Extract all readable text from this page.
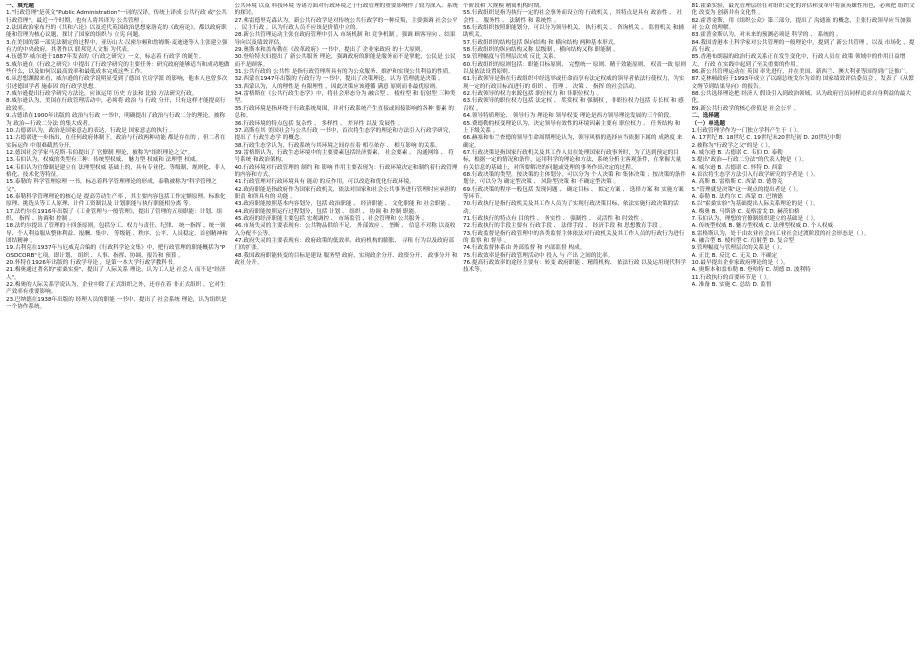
一、填充题

1."行政管理"是英文"Public Administration"一词的汉译，传统上译成 公共行政 或"公共行政管理"，最近一个时期，也有人将其译为 公共管理 。

2.法国政治家布丹的《共和六论》以及近代英国政治思想家洛克的《政府论》，都以政府职能和管理为核心议题，探讨了国家的组织与 立宪 问题。

3.在美国的第一部宪法制定的过程中，亚历山大·汉密尔顿和詹姆斯·麦迪逊等人主张建立强有力的中央政府，其著作以 联邦党人文集 为代表。

4.伍德罗·威尔逊于1887年发表的《行政之研究》一文，标志着 行政学 的诞生。

5.威尔逊在《行政之研究》中提出了行政学研究的主要任务：研究政府能够适当和成功地做些什么，以及如何以最高效率和最低成本完成这些工作。

6.从思想渊源来看，威尔逊的行政学说明显受到了德国 官房学派 的影响，他本人也曾多次引述德国学者 施泰因 的行政学思想。

7.威尔逊提出行政学研究方法论，应该运用 历史 方法和 比较 方法研究行政。

8.威尔逊认为，美国在行政管理活动中，必须将 政治 与 行政 分开，只有这样才能提高行政效率。

9.古德诺在1900年出版的 政治与行政 一书中，明确提出了政治与行政二分的理论，被称为 政治—行政二分法 的集大成者。

10.古德诺认为，政治是国家意志的表达，行政是 国家意志的执行 。

11.古德诺进一步指出，在任何政府体制下，政治与行政两种功能 都是存在的 ，但二者在 实际运作 中很难截然分开。

12.德国社会学家马克斯·韦伯提出了 官僚制 理论，被称为"组织理论之父"。

13.韦伯认为，权威的类型有三种：传统型权威、 魅力型 权威和 法理型 权威。

14.韦伯认为官僚制是建立在 法理型权威 基础上的，具有专业化、等级制、规则化、非人格化、技术化等特征。

15.泰勒的 科学管理原理 一书，标志着科学管理理论的形成，泰勒被称为"科学管理之父"。

16.泰勒科学管理理论的核心是 提高劳动生产率 ，其主要内容包括工作定额原理、标准化原理、挑选头等工人原理、计件工资制以及 计划职能与执行职能相分离 等。

17.法约尔在1916年出版了《工业管理与一般管理》，提出了管理的五项职能：计划、组织、 指挥 、协调和 控制 。

18.法约尔提出了管理的十四条原则，包括分工、权力与责任、纪律、 统一指挥 、统一领导、个人利益服从整体利益、报酬、集中、 等级链 、秩序、公平、人员稳定、首创精神和 团结精神 。

19.古利克在1937年与厄威克合编的《行政科学论文集》中，把行政管理的职能概括为"POSDCORB"七项，即计划、 组织 、人事、指挥、协调、报告和 预算 。

20.怀特在1926年出版的 行政学导论 ，是第一本大学行政学教科书。

21.梅奥通过著名的"霍桑实验"，提出了 人际关系 理论，认为工人是 社会人 而不是"经济人"。

22.梅奥的人际关系学说认为，企业中除了正式组织之外，还存在着 非正式组织 ，它对生产效率有重要影响。

23.巴纳德在1938年出版的 经理人员的职能 一书中，提出了 社会系统 理论，认为组织是一个协作系统。

公共环境 以及 科技环境 等诸方面对行政环境之于行政管理的重要影响作了较为深入、系统的探讨。

27.弗雷德里克森认为，新公共行政学是对传统公共行政学的一种反叛，主要强调 社会公平 、 民主行政 ，认为行政人员不应该是价值中立的。

28.新公共管理运动主张在政府管理中引入 市场机制 和 竞争机制 ，强调 顾客导向 、结果导向以及绩效评估。

29.奥斯本和盖布勒在《改革政府》一书中，提出了 企业家政府 的十大原则。

30.登哈特夫妇提出了 新公共服务 理论，强调政府的职能是服务而不是掌舵，公民是 公民 而不是顾客。

31.公共行政的 公共性 是指行政管理所具有的为公众服务、维护和实现公共利益的性质。

32.西蒙在1947年出版的 行政行为 一书中，提出了决策理论，认为 管理就是决策 。

33.西蒙认为，人的理性是 有限理性 ，因此决策应该遵循 满意 原则而非最优原则。

34.雷格斯在《公共行政生态学》中，将社会形态分为 融合型 、 棱柱型 和 衍射型 三种类型。

35.行政环境是指环绕于行政系统周围，并对行政系统产生直接或间接影响的各种 要素 的总和。

36.行政环境的特点包括 复杂性 、 多样性 、 差异性 以及 发展性 。

37.高斯在其 美国社会与公共行政 一书中，首次将生态学的理论和方法引入行政学研究，提出了 行政生态学 的概念。

38.行政生态学认为，行政系统与其环境之间存在着 相互依存 、 相互影响 的关系。

39.雷格斯认为，行政生态环境中的主要要素包括经济要素、 社会要素 、 沟通网络 、 符号系统 和政治架构。

40.行政环境对行政管理的 制约 和 影响 作用主要表现为：行政环境决定和制约着行政管理的内容和方式。

41.行政管理对行政环境具有 能动 的反作用，可以改造和优化行政环境。

42.政府职能是指政府作为国家行政机关，依法对国家和社会公共事务进行管理时应承担的 职责 和所具有的 功能 。

43.政府职能按照基本内容划分，包括 政治职能 、 经济职能 、 文化职能 和 社会职能 。

44.政府职能按照运行过程划分，包括 计划 、 组织 、 协调 和 控制 职能。

45.政府的经济职能主要包括 宏观调控 、 市场监管 、社会管理和 公共服务 。

46.市场失灵的主要表现有：公共物品供给不足、 外部效应 、 垄断 、 信息不对称 以及收入分配不公等。

47.政府失灵的主要表现有：政府政策的低效率、政府机构的膨胀、 寻租 行为以及政府部门的扩张。

48.我国政府职能转变的目标是建设 服务型 政府，实现政企分开、政资分开、 政事分开 和政社分开。

个阶段和 大规模 精简机构时期。

55.行政组织是指为执行一定的社会事务而设立的 行政机关 ，其特点是具有 政治性 、 社会性 、 服务性 、 法制性 和 系统性 。

56.行政组织按照职能划分，可以分为领导机关、 执行机关 、 咨询机关 、 监督机关 和辅助机关。

57.行政组织的结构包括 纵向结构 和 横向结构 两种基本形式。

58.行政组织的纵向结构又称 层级制 ，横向结构又称 职能制 。

59.管理幅度与管理层次成 反比 关系。

60.行政组织的原则包括：职能目标原则、 完整统一 原则、精干效能原则、 权责一致 原则以及依法设置原则。

61.行政领导是指在行政组织中经选举或任命而享有法定权威的领导者依法行使权力，为实现一定的行政目标而进行的 组织 、 管理 、 决策 、 指挥 的社会活动。

62.行政领导的权力来源包括 职位权力 和 非职位权力 。

63.行政领导的职位权力包括 法定权 、 奖赏权 和 强制权 ，非职位权力包括 专长权 和 感召权 。

64.领导特质理论、 领导行为 理论和 领导权变 理论是西方领导理论发展的三个阶段。

65.费德勒的权变理论认为，决定领导有效性的环境因素主要有 职位权力 、 任务结构 和 上下级关系 。

66.赫塞和布兰查德的领导生命周期理论认为，领导风格的选择应当依据下属的 成熟度 来确定。

67.行政决策是指国家行政机关及其工作人员在处理国家行政事务时，为了达到预定的目标，根据一定的情况和条件，运用科学的理论和方法，系统分析主客观条件，在掌握大量有关信息的基础上，对所要解决的问题或处理的事务作出决定的过程。

68.行政决策的类型，按决策的主体划分，可以分为 个人决策 和 集体决策 ；按决策的条件划分，可以分为 确定型决策 、 风险型决策 和 不确定型决策 。

69.行政决策的程序一般包括 发现问题 、 确定目标 、 拟定方案 、 选择方案 和 实施方案 等环节。

70.行政执行是指行政机关及其工作人员为了实现行政决策目标，依法实施行政决策的活动。

71.行政执行的特点有 目的性 、 务实性 、 强制性 、 灵活性 和 时效性 。

72.行政执行的手段主要有 行政手段 、 法律手段 、 经济手段 和 思想教育手段 。

73.行政监督是指行政管理中的各类监督主体依法对行政机关及其工作人员的行政行为进行的 监察 和 督导 。

74.行政监督体系由 外部监督 和 内部监督 构成。

75.行政效率是指行政管理活动中 投入 与 产出 之间的比率。

76.提高行政效率的途径主要有：转变 政府职能 、精简机构、 依法行政 以及运用现代科学技术等。

81.霍桑实验，最先管理层经在对组织文化的评估和变革中将演英雄性角色，必须把 组织文化 改变为 创新并有文化性 。

82.霍普金斯，用《组织公众》第三部分，提出了 沟通流 的概念，主张行政领导应当加强对 公众 的理解。

83.霍普金斯认为，对未来的预测必须是 科学的 、 系统的 。

84.我国香港本土科学家对公共管理的一般理论中，提到了 新公共管理 ，以及 市场化 ，提高 行政 。

85.香港布朗温的政治行政关系正在发生变化中，行政人员在 政策 领域中的作用日益增大， 行政 在实践中起到了至关重要的作用。

86.新公共管理运动在 英国 率先进行，并在美国、新西兰、澳大利亚等国得到广泛推广。

87.克林顿政府于1993年成立了以副总统戈尔为首的 国家绩效评估委员会 ，发表了《从繁文缛节到结果导向》的报告。

88.公共选择理论把 经济人 假设引入到政治领域，认为政府官员同样追求自身利益的最大化。

89.新公共行政学的核心价值是 社会公平 。

二、选择题

（一）单选题

1.行政管理学作为一门独立学科产生于（ ）。

A. 17世纪 B. 18世纪 C. 19世纪末20世纪初 D. 20世纪中期

2.被称为"行政学之父"的是（ ）。

A. 威尔逊 B. 古德诺 C. 韦伯 D. 泰勒

3.提出"政治—行政二分法"的代表人物是（ ）。

A. 威尔逊 B. 古德诺 C. 怀特 D. 西蒙

4.首次将生态学方法引入行政学研究的学者是（ ）。

A. 高斯 B. 雷格斯 C. 西蒙 D. 德鲁克

5."管理就是决策"这一观点的提出者是（ ）。

A. 泰勒 B. 法约尔 C. 西蒙 D. 巴纳德

6.以"霍桑实验"为基础提出人际关系理论的是（ ）。

A. 梅奥 B. 马斯洛 C. 麦格雷戈 D. 赫茨伯格

7.韦伯认为，理想的官僚制组织建立的基础是（ ）。

A. 传统型权威 B. 魅力型权威 C. 法理型权威 D. 个人权威

8.雷格斯认为，处于由农业社会向工业社会过渡阶段的社会形态是（ ）。

A. 融合型 B. 棱柱型 C. 衍射型 D. 复合型

9.管理幅度与管理层次的关系是（ ）。

A. 正比 B. 反比 C. 无关 D. 不确定

10.最早提出企业家政府理论的是（ ）。

A. 奥斯本和盖布勒 B. 登哈特 C. 胡德 D. 波利特

11.行政执行的首要环节是（ ）。

A. 准备 B. 实施 C. 总结 D. 监督
